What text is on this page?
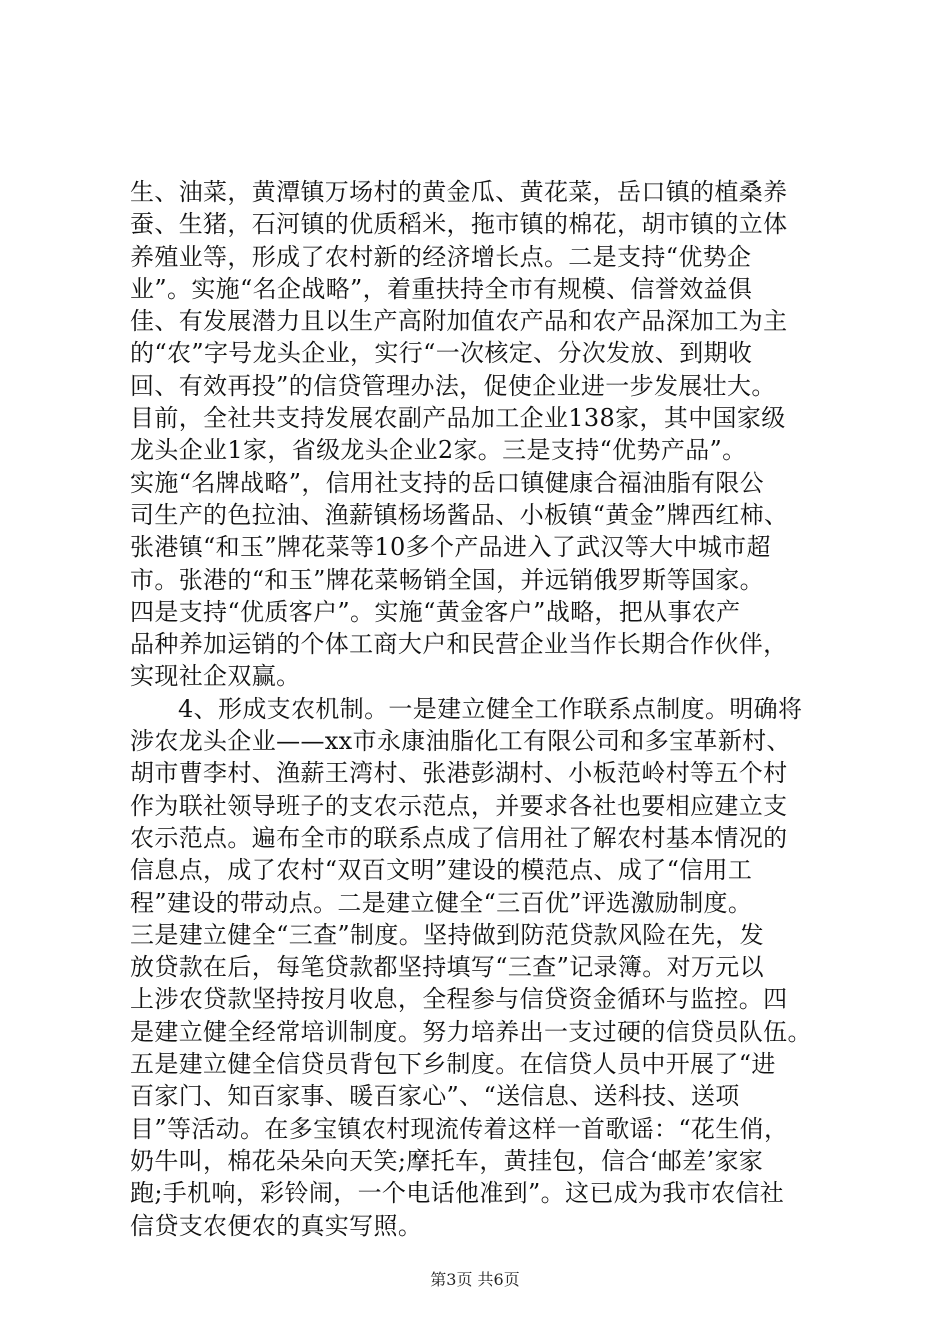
生、油菜，黄潭镇万场村的黄金瓜、黄花菜，岳口镇的植桑养
蚕、生猪，石河镇的优质稻米，拖市镇的棉花，胡市镇的立体
养殖业等，形成了农村新的经济增长点。二是支持“优势企
业”。实施“名企战略”，着重扶持全市有规模、信誉效益俱
佳、有发展潜力且以生产高附加值农产品和农产品深加工为主
的“农”字号龙头企业，实行“一次核定、分次发放、到期收
回、有效再投”的信贷管理办法，促使企业进一步发展壮大。
目前，全社共支持发展农副产品加工企业138家，其中国家级
龙头企业1家，省级龙头企业2家。三是支持“优势产品”。
实施“名牌战略”，信用社支持的岳口镇健康合福油脂有限公
司生产的色拉油、渔薪镇杨场酱品、小板镇“黄金”牌西红柿、
张港镇“和玉”牌花菜等10多个产品进入了武汉等大中城市超
市。张港的“和玉”牌花菜畅销全国，并远销俄罗斯等国家。
四是支持“优质客户”。实施“黄金客户”战略，把从事农产
品种养加运销的个体工商大户和民营企业当作长期合作伙伴，
实现社企双赢。
4、形成支农机制。一是建立健全工作联系点制度。明确将
涉农龙头企业——xx市永康油脂化工有限公司和多宝革新村、
胡市曹李村、渔薪王湾村、张港彭湖村、小板范岭村等五个村
作为联社领导班子的支农示范点，并要求各社也要相应建立支
农示范点。遍布全市的联系点成了信用社了解农村基本情况的
信息点，成了农村“双百文明”建设的模范点、成了“信用工
程”建设的带动点。二是建立健全“三百优”评选激励制度。
三是建立健全“三查”制度。坚持做到防范贷款风险在先，发
放贷款在后，每笔贷款都坚持填写“三查”记录簿。对万元以
上涉农贷款坚持按月收息，全程参与信贷资金循环与监控。四
是建立健全经常培训制度。努力培养出一支过硬的信贷员队伍。
五是建立健全信贷员背包下乡制度。在信贷人员中开展了“进
百家门、知百家事、暖百家心”、“送信息、送科技、送项
目”等活动。在多宝镇农村现流传着这样一首歌谣：“花生俏，
奶牛叫，棉花朵朵向天笑;摩托车，黄挂包，信合‘邮差’家家
跑;手机响，彩铃闹，一个电话他准到”。这已成为我市农信社
信贷支农便农的真实写照。
第3页 共6页
